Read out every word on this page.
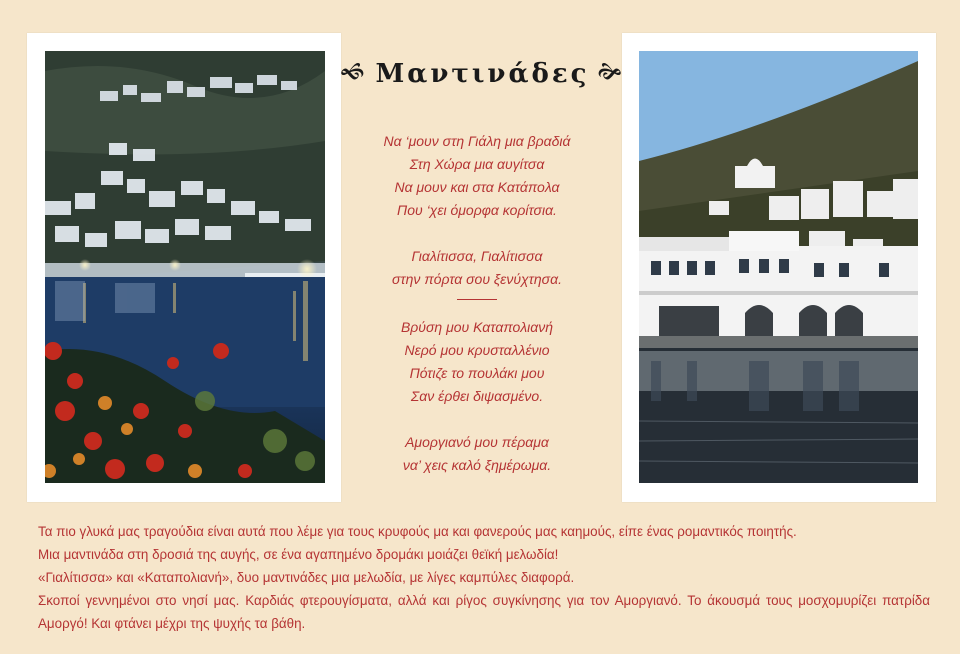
🙜 Μαντινάδες 🙞
Να ‘μουν στη Γιάλη μια βραδιά
Στη Χώρα μια αυγίτσα
Να μουν και στα Κατάπολα
Που ‘χει όμορφα κορίτσια.
Γιαλίτισσα, Γιαλίτισσα
στην πόρτα σου ξενύχτησα.
Βρύση μου Καταπολιανή
Νερό μου κρυσταλλένιο
Πότιζε το πουλάκι μου
Σαν έρθει διψασμένο.
Αμοργιανό μου πέραμα
να’ χεις καλό ξημέρωμα.

Τα πιο γλυκά μας τραγούδια είναι αυτά που λέμε για τους κρυφούς μα και φανερούς μας καημούς, είπε ένας ρομαντικός ποιητής.

Μια μαντινάδα στη δροσιά της αυγής, σε ένα αγαπημένο δρομάκι μοιάζει θεϊκή μελωδία!

«Γιαλίτισσα» και «Καταπολιανή», δυο μαντινάδες μια μελωδία, με λίγες καμπύλες διαφορά.

Σκοποί γεννημένοι στο νησί μας. Καρδιάς φτερουγίσματα, αλλά και ρίγος συγκίνησης για τον Αμοργιανό. Το άκουσμά τους μοσχομυρίζει πατρίδα Αμοργό! Και φτάνει μέχρι της ψυχής τα βάθη.
